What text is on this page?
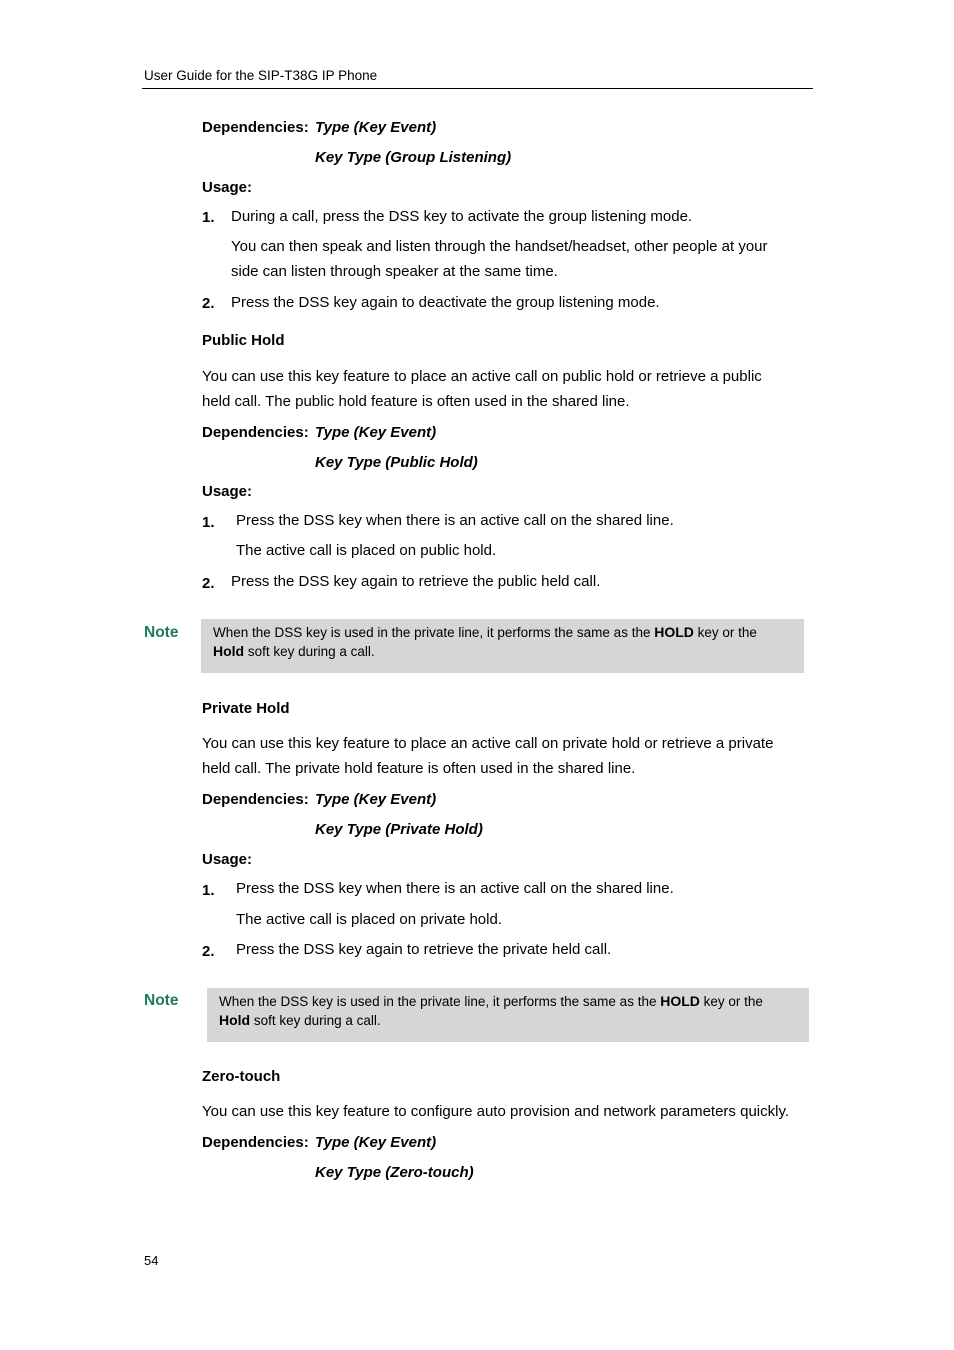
User Guide for the SIP-T38G IP Phone
Dependencies: Type (Key Event)
Key Type (Group Listening)
Usage:
1. During a call, press the DSS key to activate the group listening mode.
You can then speak and listen through the handset/headset, other people at your
side can listen through speaker at the same time.
2. Press the DSS key again to deactivate the group listening mode.
Public Hold
You can use this key feature to place an active call on public hold or retrieve a public
held call. The public hold feature is often used in the shared line.
Dependencies: Type (Key Event)
Key Type (Public Hold)
Usage:
1. Press the DSS key when there is an active call on the shared line.
The active call is placed on public hold.
2. Press the DSS key again to retrieve the public held call.
Note	When the DSS key is used in the private line, it performs the same as the HOLD key or the
Hold soft key during a call.
Private Hold
You can use this key feature to place an active call on private hold or retrieve a private
held call. The private hold feature is often used in the shared line.
Dependencies: Type (Key Event)
Key Type (Private Hold)
Usage:
1. Press the DSS key when there is an active call on the shared line.
The active call is placed on private hold.
2. Press the DSS key again to retrieve the private held call.
Note	When the DSS key is used in the private line, it performs the same as the HOLD key or the
Hold soft key during a call.
Zero-touch
You can use this key feature to configure auto provision and network parameters quickly.
Dependencies: Type (Key Event)
Key Type (Zero-touch)
54
